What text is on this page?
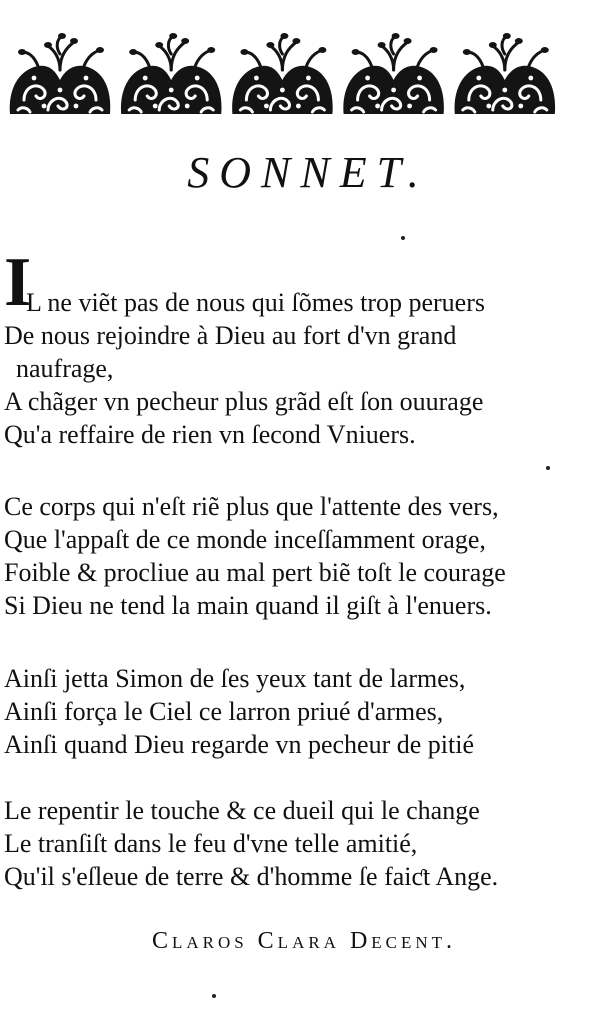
SONNET.
I
L ne viẽt pas de nous qui ſõmes trop peruers
De nous rejoindre à Dieu au fort d'vn grand
naufrage,
A chãger vn pecheur plus grãd eſt ſon ouurage
Qu'a reffaire de rien vn ſecond Vniuers.
Ce corps qui n'eſt riẽ plus que l'attente des vers,
Que l'appaſt de ce monde inceſſamment orage,
Foible & procliue au mal pert biẽ toſt le courage
Si Dieu ne tend la main quand il giſt à l'enuers.
Ainſi jetta Simon de ſes yeux tant de larmes,
Ainſi força le Ciel ce larron priué d'armes,
Ainſi quand Dieu regarde vn pecheur de pitié
Le repentir le touche & ce dueil qui le change
Le tranſiſt dans le feu d'vne telle amitié,
Qu'il s'eſleue de terre & d'homme ſe faiƈt Ange.
Claros Clara Decent.
